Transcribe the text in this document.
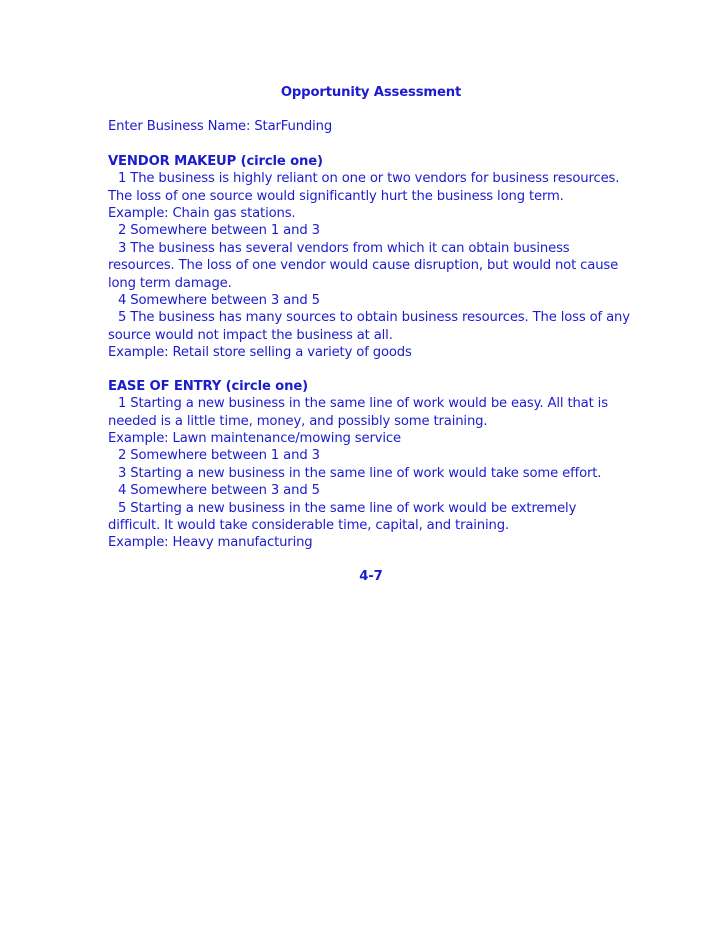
Opportunity Assessment
Enter Business Name: StarFunding
VENDOR MAKEUP (circle one)
1 The business is highly reliant on one or two vendors for business resources.
The loss of one source would significantly hurt the business long term.
Example: Chain gas stations.
2 Somewhere between 1 and 3
3 The business has several vendors from which it can obtain business
resources. The loss of one vendor would cause disruption, but would not cause
long term damage.
4 Somewhere between 3 and 5
5 The business has many sources to obtain business resources. The loss of any
source would not impact the business at all.
Example: Retail store selling a variety of goods
EASE OF ENTRY (circle one)
1 Starting a new business in the same line of work would be easy. All that is
needed is a little time, money, and possibly some training.
Example: Lawn maintenance/mowing service
2 Somewhere between 1 and 3
3 Starting a new business in the same line of work would take some effort.
4 Somewhere between 3 and 5
5 Starting a new business in the same line of work would be extremely
difficult. It would take considerable time, capital, and training.
Example: Heavy manufacturing
4-7
